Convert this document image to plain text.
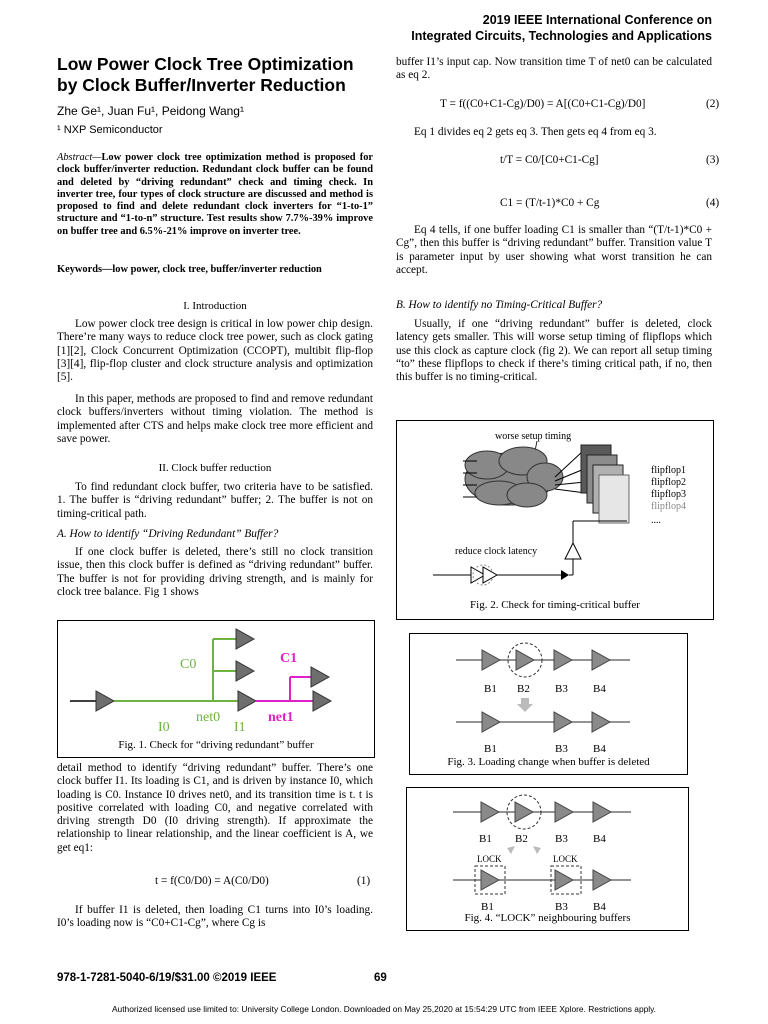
2019 IEEE International Conference on
Integrated Circuits, Technologies and Applications
Low Power Clock Tree Optimization
by Clock Buffer/Inverter Reduction
Zhe Ge¹, Juan Fu¹, Peidong Wang¹
¹ NXP Semiconductor
Abstract—Low power clock tree optimization method is proposed for clock buffer/inverter reduction. Redundant clock buffer can be found and deleted by “driving redundant” check and timing check. In inverter tree, four types of clock structure are discussed and method is proposed to find and delete redundant clock inverters for “1-to-1” structure and “1-to-n” structure. Test results show 7.7%-39% improve on buffer tree and 6.5%-21% improve on inverter tree.
Keywords—low power, clock tree, buffer/inverter reduction
I. Introduction
Low power clock tree design is critical in low power chip design. There’re many ways to reduce clock tree power, such as clock gating [1][2], Clock Concurrent Optimization (CCOPT), multibit flip-flop [3][4], flip-flop cluster and clock structure analysis and optimization [5].
In this paper, methods are proposed to find and remove redundant clock buffers/inverters without timing violation. The method is implemented after CTS and helps make clock tree more efficient and save power.
II. Clock buffer reduction
To find redundant clock buffer, two criteria have to be satisfied. 1. The buffer is “driving redundant” buffer; 2. The buffer is not on timing-critical path.
A. How to identify “Driving Redundant” Buffer?
If one clock buffer is deleted, there’s still no clock transition issue, then this clock buffer is defined as “driving redundant” buffer. The buffer is not for providing driving strength, and is mainly for clock tree balance. Fig 1 shows
C0	C1
I0
net0
I1
net1
Fig. 1. Check for “driving redundant” buffer
detail method to identify “driving redundant” buffer. There’s one clock buffer I1. Its loading is C1, and is driven by instance I0, which loading is C0. Instance I0 drives net0, and its transition time is t. t is positive correlated with loading C0, and negative correlated with driving strength D0 (I0 driving strength). If approximate the relationship to linear relationship, and the linear coefficient is A, we get eq1:
t = f(C0/D0) = A(C0/D0)	(1)
If buffer I1 is deleted, then loading C1 turns into I0’s loading. I0’s loading now is “C0+C1-Cg”, where Cg is
buffer I1’s input cap. Now transition time T of net0 can be calculated as eq 2.
T = f((C0+C1-Cg)/D0) = A[(C0+C1-Cg)/D0]	(2)
Eq 1 divides eq 2 gets eq 3. Then gets eq 4 from eq 3.
t/T = C0/[C0+C1-Cg]	(3)
C1 = (T/t-1)*C0 + Cg	(4)
Eq 4 tells, if one buffer loading C1 is smaller than “(T/t-1)*C0 + Cg”, then this buffer is “driving redundant” buffer. Transition value T is parameter input by user showing what worst transition he can accept.
B. How to identify no Timing-Critical Buffer?
Usually, if one “driving redundant” buffer is deleted, clock latency gets smaller. This will worse setup timing of flipflops which use this clock as capture clock (fig 2). We can report all setup timing “to” these flipflops to check if there’s timing critical path, if no, then this buffer is no timing-critical.
worse setup timing
flipflop1
flipflop2
flipflop3
flipflop4
....
reduce clock latency
Fig. 2. Check for timing-critical buffer
B1 B2 B3 B4
B1	B3 B4
Fig. 3. Loading change when buffer is deleted
B1 B2 B3 B4
LOCK	LOCK
B1	B3 B4
Fig. 4. “LOCK” neighbouring buffers
978-1-7281-5040-6/19/$31.00 ©2019 IEEE	69
Authorized licensed use limited to: University College London. Downloaded on May 25,2020 at 15:54:29 UTC from IEEE Xplore. Restrictions apply.
